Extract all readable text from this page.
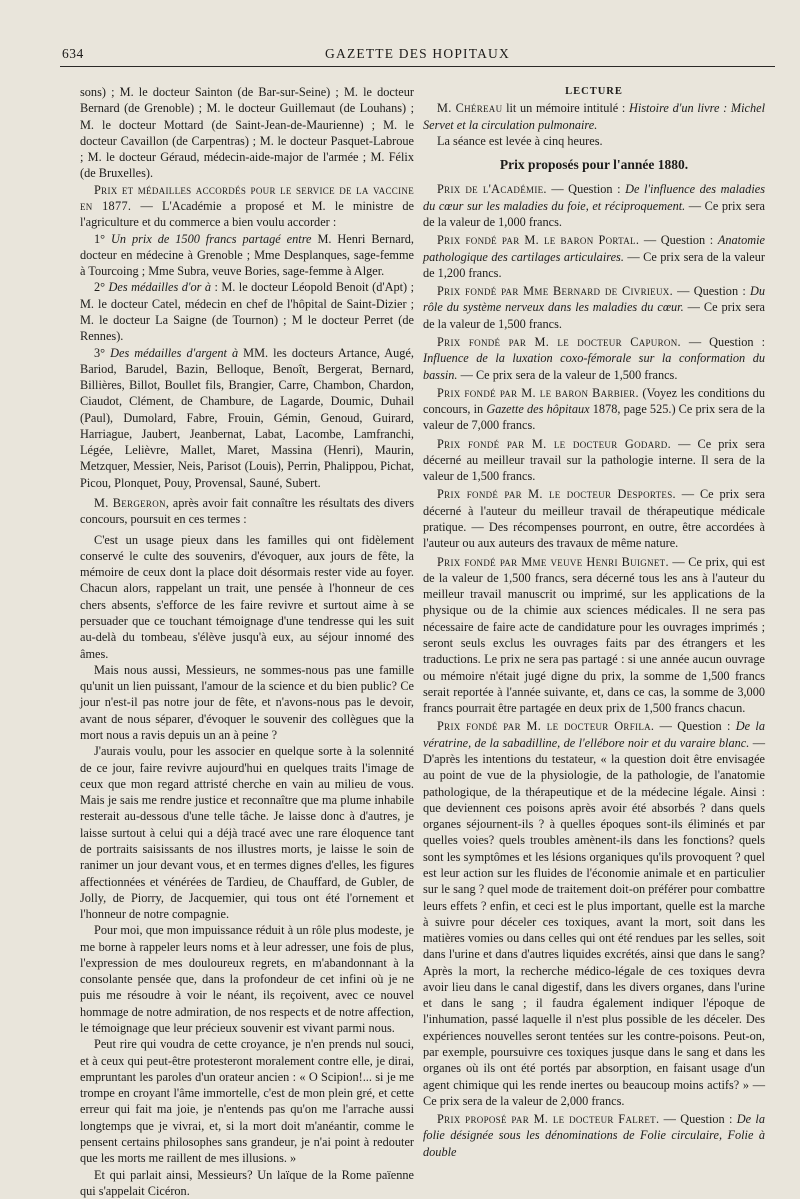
634	GAZETTE DES HOPITAUX

sons) ; M. le docteur Sainton (de Bar-sur-Seine) ; M. le docteur Bernard (de Grenoble) ; M. le docteur Guillemaut (de Louhans) ; M. le docteur Mottard (de Saint-Jean-de-Maurienne) ; M. le docteur Cavaillon (de Carpentras) ; M. le docteur Pasquet-Labroue ; M. le docteur Géraud, médecin-aide-major de l'armée ; M. Félix (de Bruxelles).

Prix et médailles accordés pour le service de la vaccine en 1877. — L'Académie a proposé et M. le ministre de l'agriculture et du commerce a bien voulu accorder :

1° Un prix de 1500 francs partagé entre M. Henri Bernard, docteur en médecine à Grenoble ; Mme Desplanques, sage-femme à Tourcoing ; Mme Subra, veuve Bories, sage-femme à Alger.

2° Des médailles d'or à : M. le docteur Léopold Benoit (d'Apt) ; M. le docteur Catel, médecin en chef de l'hôpital de Saint-Dizier ; M. le docteur La Saigne (de Tournon) ; M le docteur Perret (de Rennes).

3° Des médailles d'argent à MM. les docteurs Artance, Augé, Bariod, Barudel, Bazin, Belloque, Benoît, Bergerat, Bernard, Billières, Billot, Boullet fils, Brangier, Carre, Chambon, Chardon, Ciaudot, Clément, de Chambure, de Lagarde, Doumic, Duhail (Paul), Dumolard, Fabre, Frouin, Gémin, Genoud, Guirard, Harriague, Jaubert, Jeanbernat, Labat, Lacombe, Lamfranchi, Légée, Lelièvre, Mallet, Maret, Massina (Henri), Maurin, Metzquer, Messier, Neis, Parisot (Louis), Perrin, Phalippou, Pichat, Picou, Plonquet, Pouy, Provensal, Sauné, Subert.

M. Bergeron, après avoir fait connaître les résultats des divers concours, poursuit en ces termes :

C'est un usage pieux dans les familles qui ont fidèlement conservé le culte des souvenirs, d'évoquer, aux jours de fête, la mémoire de ceux dont la place doit désormais rester vide au foyer. Chacun alors, rappelant un trait, une pensée à l'honneur de ces chers absents, s'efforce de les faire revivre et surtout aime à se persuader que ce touchant témoignage d'une tendresse qui les suit au-delà du tombeau, s'élève jusqu'à eux, au séjour innomé des âmes.

Mais nous aussi, Messieurs, ne sommes-nous pas une famille qu'unit un lien puissant, l'amour de la science et du bien public? Ce jour n'est-il pas notre jour de fête, et n'avons-nous pas le devoir, avant de nous séparer, d'évoquer le souvenir des collègues que la mort nous a ravis depuis un an à peine ?

J'aurais voulu, pour les associer en quelque sorte à la solennité de ce jour, faire revivre aujourd'hui en quelques traits l'image de ceux que mon regard attristé cherche en vain au milieu de vous. Mais je sais me rendre justice et reconnaître que ma plume inhabile resterait au-dessous d'une telle tâche. Je laisse donc à d'autres, je laisse surtout à celui qui a déjà tracé avec une rare éloquence tant de portraits saisissants de nos illustres morts, je laisse le soin de ranimer un jour devant vous, et en termes dignes d'elles, les figures affectionnées et vénérées de Tardieu, de Chauffard, de Gubler, de Jolly, de Piorry, de Jacquemier, qui tous ont été l'ornement et l'honneur de notre compagnie.

Pour moi, que mon impuissance réduit à un rôle plus modeste, je me borne à rappeler leurs noms et à leur adresser, une fois de plus, l'expression de mes douloureux regrets, en m'abandonnant à la consolante pensée que, dans la profondeur de cet infini où je ne puis me résoudre à voir le néant, ils reçoivent, avec ce nouvel hommage de notre admiration, de nos respects et de notre affection, le témoignage que leur précieux souvenir est vivant parmi nous.

Peut rire qui voudra de cette croyance, je n'en prends nul souci, et à ceux qui peut-être protesteront moralement contre elle, je dirai, empruntant les paroles d'un orateur ancien : « O Scipion!... si je me trompe en croyant l'âme immortelle, c'est de mon plein gré, et cette erreur qui fait ma joie, je n'entends pas qu'on me l'arrache aussi longtemps que je vivrai, et, si la mort doit m'anéantir, comme le pensent certains philosophes sans grandeur, je n'ai point à redouter que les morts me raillent de mes illusions. »

Et qui parlait ainsi, Messieurs? Un laïque de la Rome païenne qui s'appelait Cicéron.

LECTURE

M. Chéreau lit un mémoire intitulé : Histoire d'un livre : Michel Servet et la circulation pulmonaire.

La séance est levée à cinq heures.

Prix proposés pour l'année 1880.

Prix de l'Académie. — Question : De l'influence des maladies du cœur sur les maladies du foie, et réciproquement. — Ce prix sera de la valeur de 1,000 francs.

Prix fondé par M. le baron Portal. — Question : Anatomie pathologique des cartilages articulaires. — Ce prix sera de la valeur de 1,200 francs.

Prix fondé par Mme Bernard de Civrieux. — Question : Du rôle du système nerveux dans les maladies du cœur. — Ce prix sera de la valeur de 1,500 francs.

Prix fondé par M. le docteur Capuron. — Question : Influence de la luxation coxo-fémorale sur la conformation du bassin. — Ce prix sera de la valeur de 1,500 francs.

Prix fondé par M. le baron Barbier. (Voyez les conditions du concours, in Gazette des hôpitaux 1878, page 525.) Ce prix sera de la valeur de 7,000 francs.

Prix fondé par M. le docteur Godard. — Ce prix sera décerné au meilleur travail sur la pathologie interne. Il sera de la valeur de 1,500 francs.

Prix fondé par M. le docteur Desportes. — Ce prix sera décerné à l'auteur du meilleur travail de thérapeutique médicale pratique. — Des récompenses pourront, en outre, être accordées à l'auteur ou aux auteurs des travaux de même nature.

Prix fondé par Mme veuve Henri Buignet. — Ce prix, qui est de la valeur de 1,500 francs, sera décerné tous les ans à l'auteur du meilleur travail manuscrit ou imprimé, sur les applications de la physique ou de la chimie aux sciences médicales. Il ne sera pas nécessaire de faire acte de candidature pour les ouvrages imprimés ; seront seuls exclus les ouvrages faits par des étrangers et les traductions. Le prix ne sera pas partagé : si une année aucun ouvrage ou mémoire n'était jugé digne du prix, la somme de 1,500 francs serait reportée à l'année suivante, et, dans ce cas, la somme de 3,000 francs pourrait être partagée en deux prix de 1,500 francs chacun.

Prix fondé par M. le docteur Orfila. — Question : De la vératrine, de la sabadilline, de l'ellébore noir et du varaire blanc. — D'après les intentions du testateur, « la question doit être envisagée au point de vue de la physiologie, de la pathologie, de l'anatomie pathologique, de la thérapeutique et de la médecine légale. Ainsi : que deviennent ces poisons après avoir été absorbés ? dans quels organes séjournent-ils ? à quelles époques sont-ils éliminés et par quelles voies? quels troubles amènent-ils dans les fonctions? quels sont les symptômes et les lésions organiques qu'ils provoquent ? quel est leur action sur les fluides de l'économie animale et en particulier sur le sang ? quel mode de traitement doit-on préférer pour combattre leurs effets ? enfin, et ceci est le plus important, quelle est la marche à suivre pour déceler ces toxiques, avant la mort, soit dans les matières vomies ou dans celles qui ont été rendues par les selles, soit dans l'urine et dans d'autres liquides excrétés, ainsi que dans le sang? Après la mort, la recherche médico-légale de ces toxiques devra avoir lieu dans le canal digestif, dans les divers organes, dans l'urine et dans le sang ; il faudra également indiquer l'époque de l'inhumation, passé laquelle il n'est plus possible de les déceler. Des expériences nouvelles seront tentées sur les contre-poisons. Peut-on, par exemple, poursuivre ces toxiques jusque dans le sang et dans les organes où ils ont été portés par absorption, en faisant usage d'un agent chimique qui les rende inertes ou beaucoup moins actifs? » — Ce prix sera de la valeur de 2,000 francs.

Prix proposé par M. le docteur Falret. — Question : De la folie désignée sous les dénominations de Folie circulaire, Folie à double
